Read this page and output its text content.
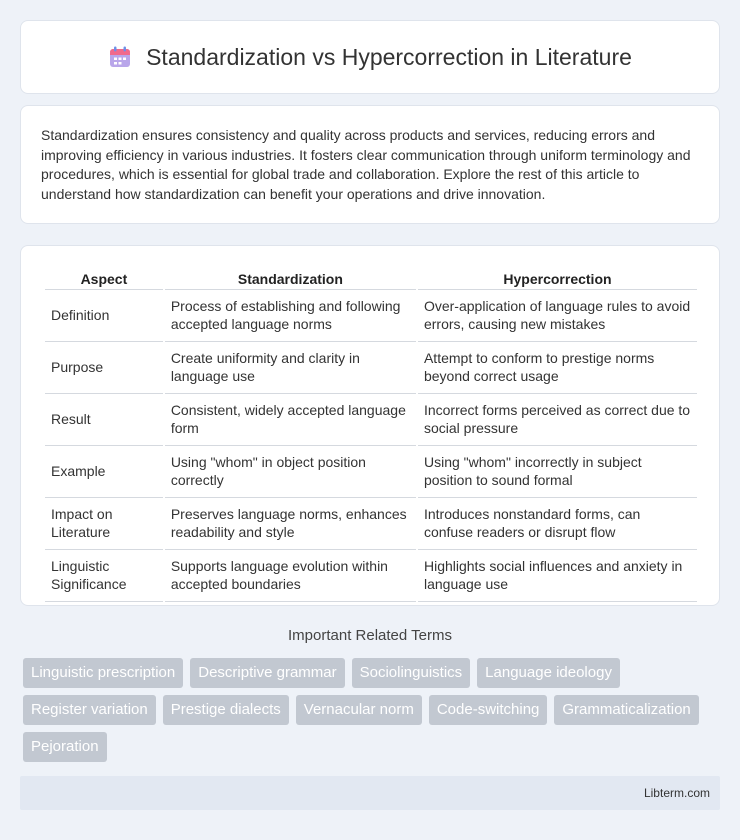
Standardization vs Hypercorrection in Literature

Standardization ensures consistency and quality across products and services, reducing errors and improving efficiency in various industries. It fosters clear communication through uniform terminology and procedures, which is essential for global trade and collaboration. Explore the rest of this article to understand how standardization can benefit your operations and drive innovation.

Aspect	Standardization	Hypercorrection
Definition	Process of establishing and following accepted language norms	Over-application of language rules to avoid errors, causing new mistakes
Purpose	Create uniformity and clarity in language use	Attempt to conform to prestige norms beyond correct usage
Result	Consistent, widely accepted language form	Incorrect forms perceived as correct due to social pressure
Example	Using "whom" in object position correctly	Using "whom" incorrectly in subject position to sound formal
Impact on Literature	Preserves language norms, enhances readability and style	Introduces nonstandard forms, can confuse readers or disrupt flow
Linguistic Significance	Supports language evolution within accepted boundaries	Highlights social influences and anxiety in language use
Important Related Terms
Linguistic prescription	Descriptive grammar	Sociolinguistics	Language ideology
Register variation	Prestige dialects	Vernacular norm	Code-switching	Grammaticalization
Pejoration
Libterm.com
